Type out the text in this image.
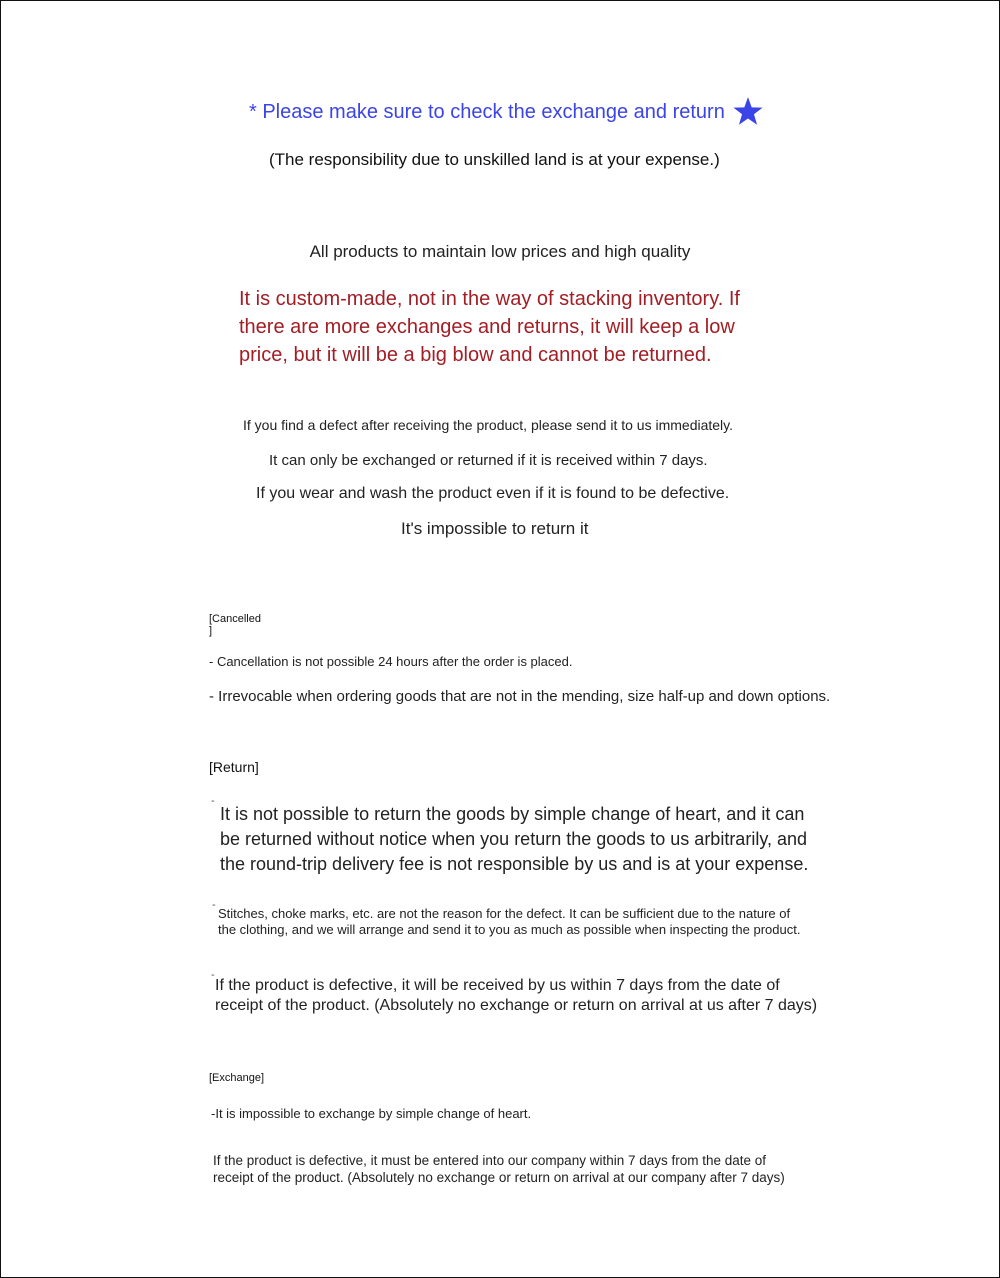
* Please make sure to check the exchange and return
(The responsibility due to unskilled land is at your expense.)
All products to maintain low prices and high quality

It is custom-made, not in the way of stacking inventory. If

there are more exchanges and returns, it will keep a low

price, but it will be a big blow and cannot be returned.

If you find a defect after receiving the product, please send it to us immediately.
It can only be exchanged or returned if it is received within 7 days.
If you wear and wash the product even if it is found to be defective.
It's impossible to return it
[Cancelled
]
- Cancellation is not possible 24 hours after the order is placed.
- Irrevocable when ordering goods that are not in the mending, size half-up and down options.
[Return]
-

It is not possible to return the goods by simple change of heart, and it can

be returned without notice when you return the goods to us arbitrarily, and

the round-trip delivery fee is not responsible by us and is at your expense.

-

Stitches, choke marks, etc. are not the reason for the defect. It can be sufficient due to the nature of

the clothing, and we will arrange and send it to you as much as possible when inspecting the product.

-

If the product is defective, it will be received by us within 7 days from the date of

receipt of the product. (Absolutely no exchange or return on arrival at us after 7 days)

[Exchange]
-It is impossible to exchange by simple change of heart.

If the product is defective, it must be entered into our company within 7 days from the date of

receipt of the product. (Absolutely no exchange or return on arrival at our company after 7 days)
